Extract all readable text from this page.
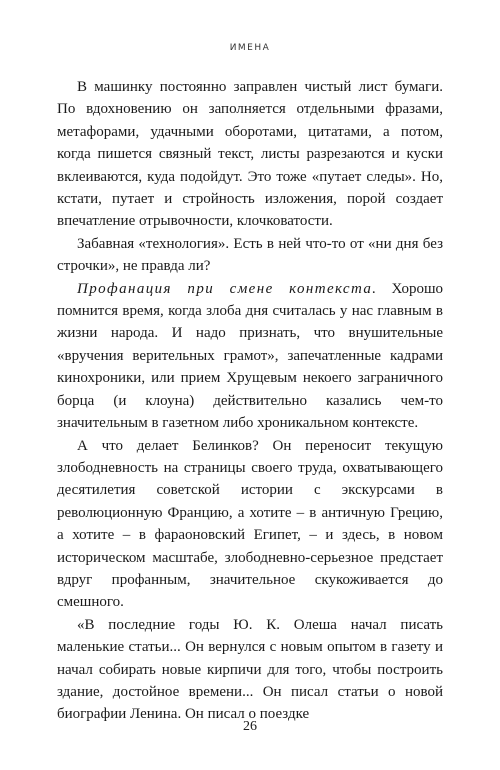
ИМЕНА

В машинку постоянно заправлен чистый лист бумаги. По вдохновению он заполняется отдельными фразами, метафорами, удачными оборотами, цитатами, а потом, когда пишется связный текст, листы разрезаются и куски вклеиваются, куда подойдут. Это тоже «путает следы». Но, кстати, путает и стройность изложения, порой создает впечатление отрывочности, клочковатости.

Забавная «технология». Есть в ней что-то от «ни дня без строчки», не правда ли?

Профанация при смене контекста. Хорошо помнится время, когда злоба дня считалась у нас главным в жизни народа. И надо признать, что внушительные «вручения верительных грамот», запечатленные кадрами кинохроники, или прием Хрущевым некоего заграничного борца (и клоуна) действительно казались чем-то значительным в газетном либо хроникальном контексте.

А что делает Белинков? Он переносит текущую злободневность на страницы своего труда, охватывающего десятилетия советской истории с экскурсами в революционную Францию, а хотите – в античную Грецию, а хотите – в фараоновский Египет, – и здесь, в новом историческом масштабе, злободневно-серьезное предстает вдруг профанным, значительное скукоживается до смешного.

«В последние годы Ю. К. Олеша начал писать маленькие статьи... Он вернулся с новым опытом в газету и начал собирать новые кирпичи для того, чтобы построить здание, достойное времени... Он писал статьи о новой биографии Ленина. Он писал о поездке

26
